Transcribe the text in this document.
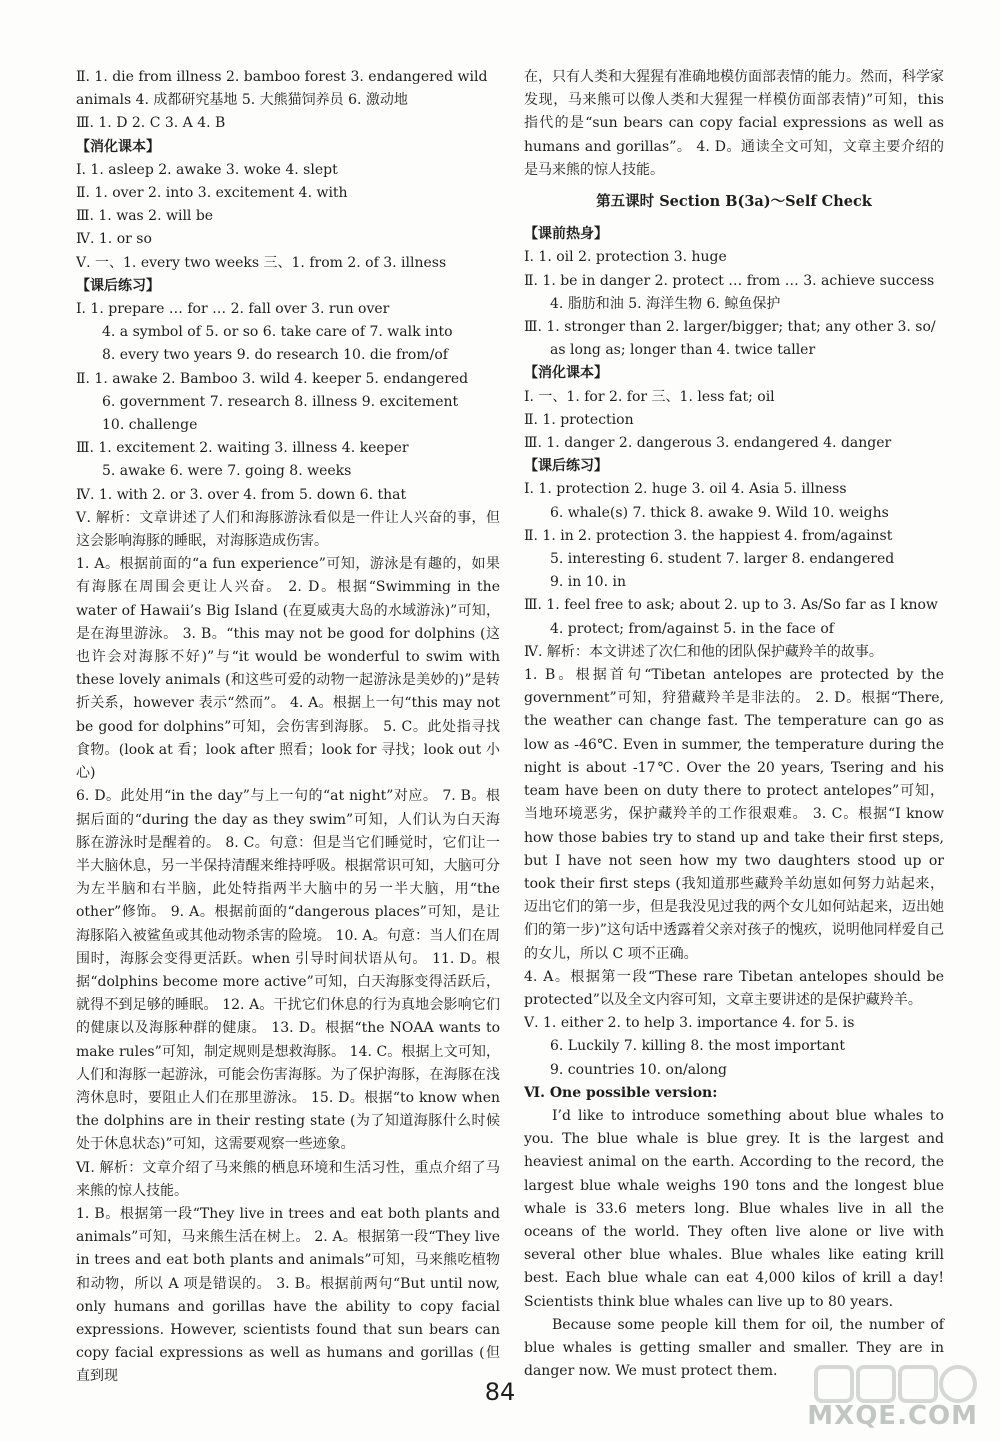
Ⅱ. 1. die from illness 2. bamboo forest 3. endangered wild
animals 4. 成都研究基地 5. 大熊猫饲养员 6. 激动地
Ⅲ. 1. D 2. C 3. A 4. B
【消化课本】
Ⅰ. 1. asleep 2. awake 3. woke 4. slept
Ⅱ. 1. over 2. into 3. excitement 4. with
Ⅲ. 1. was 2. will be
Ⅳ. 1. or so
Ⅴ. 一、1. every two weeks 三、1. from 2. of 3. illness
【课后练习】
Ⅰ. 1. prepare … for … 2. fall over 3. run over
4. a symbol of 5. or so 6. take care of 7. walk into
8. every two years 9. do research 10. die from/of
Ⅱ. 1. awake 2. Bamboo 3. wild 4. keeper 5. endangered
6. government 7. research 8. illness 9. excitement
10. challenge
Ⅲ. 1. excitement 2. waiting 3. illness 4. keeper
5. awake 6. were 7. going 8. weeks
Ⅳ. 1. with 2. or 3. over 4. from 5. down 6. that
Ⅴ. 解析：文章讲述了人们和海豚游泳看似是一件让人兴奋的事，但这会影响海豚的睡眠，对海豚造成伤害。
1. A。根据前面的“a fun experience”可知，游泳是有趣的，如果有海豚在周围会更让人兴奋。 2. D。根据“Swimming in the water of Hawaii’s Big Island (在夏威夷大岛的水域游泳)”可知，是在海里游泳。 3. B。“this may not be good for dolphins (这也许会对海豚不好)”与“it would be wonderful to swim with these lovely animals (和这些可爱的动物一起游泳是美妙的)”是转折关系，however 表示“然而”。 4. A。根据上一句“this may not be good for dolphins”可知，会伤害到海豚。 5. C。此处指寻找食物。(look at 看；look after 照看；look for 寻找；look out 小心)
6. D。此处用“in the day”与上一句的“at night”对应。 7. B。根据后面的“during the day as they swim”可知，人们认为白天海豚在游泳时是醒着的。 8. C。句意：但是当它们睡觉时，它们让一半大脑休息，另一半保持清醒来维持呼吸。根据常识可知，大脑可分为左半脑和右半脑，此处特指两半大脑中的另一半大脑，用“the other”修饰。 9. A。根据前面的“dangerous places”可知，是让海豚陷入被鲨鱼或其他动物杀害的险境。 10. A。句意：当人们在周围时，海豚会变得更活跃。when 引导时间状语从句。 11. D。根据“dolphins become more active”可知，白天海豚变得活跃后，就得不到足够的睡眠。 12. A。干扰它们休息的行为真地会影响它们的健康以及海豚种群的健康。 13. D。根据“the NOAA wants to make rules”可知，制定规则是想救海豚。 14. C。根据上文可知，人们和海豚一起游泳，可能会伤害海豚。为了保护海豚，在海豚在浅湾休息时，要阻止人们在那里游泳。 15. D。根据“to know when the dolphins are in their resting state (为了知道海豚什么时候处于休息状态)”可知，这需要观察一些迹象。
Ⅵ. 解析：文章介绍了马来熊的栖息环境和生活习性，重点介绍了马来熊的惊人技能。
1. B。根据第一段“They live in trees and eat both plants and animals”可知，马来熊生活在树上。 2. A。根据第一段“They live in trees and eat both plants and animals”可知，马来熊吃植物和动物，所以 A 项是错误的。 3. B。根据前两句“But until now, only humans and gorillas have the ability to copy facial expressions. However, scientists found that sun bears can copy facial expressions as well as humans and gorillas (但直到现
在，只有人类和大猩猩有准确地模仿面部表情的能力。然而，科学家发现，马来熊可以像人类和大猩猩一样模仿面部表情)”可知，this 指代的是“sun bears can copy facial expressions as well as humans and gorillas”。 4. D。通读全文可知，文章主要介绍的是马来熊的惊人技能。
第五课时 Section B(3a)～Self Check
【课前热身】
Ⅰ. 1. oil 2. protection 3. huge
Ⅱ. 1. be in danger 2. protect … from … 3. achieve success
4. 脂肪和油 5. 海洋生物 6. 鲸鱼保护
Ⅲ. 1. stronger than 2. larger/bigger; that; any other 3. so/
as long as; longer than 4. twice taller
【消化课本】
Ⅰ. 一、1. for 2. for 三、1. less fat; oil
Ⅱ. 1. protection
Ⅲ. 1. danger 2. dangerous 3. endangered 4. danger
【课后练习】
Ⅰ. 1. protection 2. huge 3. oil 4. Asia 5. illness
6. whale(s) 7. thick 8. awake 9. Wild 10. weighs
Ⅱ. 1. in 2. protection 3. the happiest 4. from/against
5. interesting 6. student 7. larger 8. endangered
9. in 10. in
Ⅲ. 1. feel free to ask; about 2. up to 3. As/So far as I know
4. protect; from/against 5. in the face of
Ⅳ. 解析：本文讲述了次仁和他的团队保护藏羚羊的故事。
1. B。根据首句“Tibetan antelopes are protected by the government”可知，狩猎藏羚羊是非法的。 2. D。根据“There, the weather can change fast. The temperature can go as low as -46℃. Even in summer, the temperature during the night is about -17℃. Over the 20 years, Tsering and his team have been on duty there to protect antelopes”可知，当地环境恶劣，保护藏羚羊的工作很艰难。 3. C。根据“I know how those babies try to stand up and take their first steps, but I have not seen how my two daughters stood up or took their first steps (我知道那些藏羚羊幼崽如何努力站起来，迈出它们的第一步，但是我没见过我的两个女儿如何站起来，迈出她们的第一步)”这句话中透露着父亲对孩子的愧疚，说明他同样爱自己的女儿，所以 C 项不正确。
4. A。根据第一段“These rare Tibetan antelopes should be protected”以及全文内容可知，文章主要讲述的是保护藏羚羊。
Ⅴ. 1. either 2. to help 3. importance 4. for 5. is
6. Luckily 7. killing 8. the most important
9. countries 10. on/along
Ⅵ. One possible version:
I’d like to introduce something about blue whales to you. The blue whale is blue grey. It is the largest and heaviest animal on the earth. According to the record, the largest blue whale weighs 190 tons and the longest blue whale is 33.6 meters long. Blue whales live in all the oceans of the world. They often live alone or live with several other blue whales. Blue whales like eating krill best. Each blue whale can eat 4,000 kilos of krill a day! Scientists think blue whales can live up to 80 years.
Because some people kill them for oil, the number of blue whales is getting smaller and smaller. They are in danger now. We must protect them.
84
MXQE.COM
